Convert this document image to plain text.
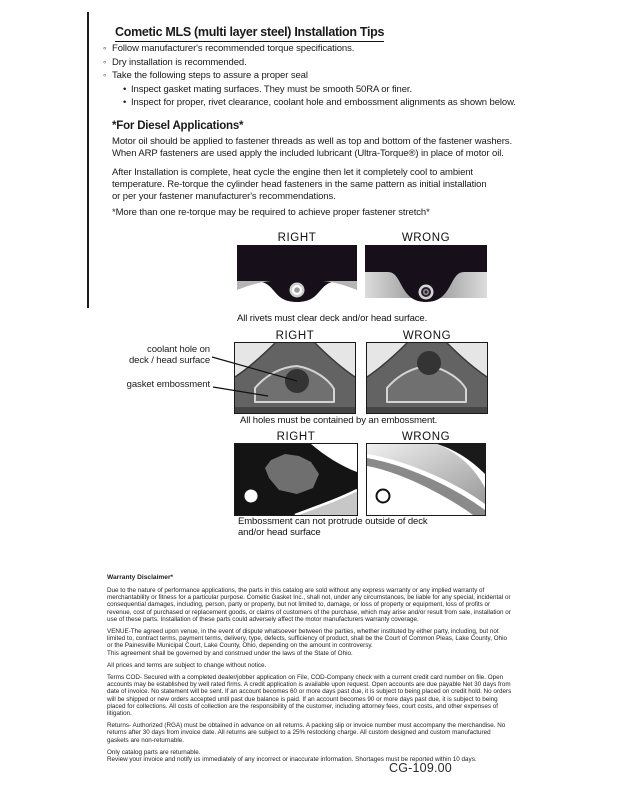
Cometic MLS (multi layer steel) Installation Tips
◦ Follow manufacturer's recommended torque specifications.
◦ Dry installation is recommended.
◦ Take the following steps to assure a proper seal
• Inspect gasket mating surfaces. They must be smooth 50RA or finer.
• Inspect for proper, rivet clearance, coolant hole and embossment alignments as shown below.
*For Diesel Applications*
Motor oil should be applied to fastener threads as well as top and bottom of the fastener washers.
When ARP fasteners are used apply the included lubricant (Ultra-Torque®) in place of motor oil.
After Installation is complete, heat cycle the engine then let it completely cool to ambient
temperature. Re-torque the cylinder head fasteners in the same pattern as initial installation
or per your fastener manufacturer's recommendations.
*More than one re-torque may be required to achieve proper fastener stretch*
RIGHT	WRONG
All rivets must clear deck and/or head surface.
RIGHT	WRONG
coolant hole on
deck / head surface
gasket embossment
All holes must be contained by an embossment.
RIGHT	WRONG
Embossment can not protrude outside of deck
and/or head surface
Warranty Disclaimer*

Due to the nature of performance applications, the parts in this catalog are sold without any express warranty or any implied warranty of merchantability or fitness for a particular purpose. Cometic Gasket Inc., shall not, under any circumstances, be liable for any special, incidental or consequential damages, including, person, party or property, but not limited to, damage, or loss of property or equipment, loss of profits or revenue, cost of purchased or replacement goods, or claims of customers of the purchase, which may arise and/or result from sale, installation or use of these parts. Installation of these parts could adversely affect the motor manufacturers warranty coverage.

VENUE-The agreed upon venue, in the event of dispute whatsoever between the parties, whether instituted by either party, including, but not limited to, contract terms, payment terms, delivery, type, defects, sufficiency of product, shall be the Court of Common Pleas, Lake County, Ohio or the Painesville Municipal Court, Lake County, Ohio, depending on the amount in controversy.

This agreement shall be governed by and construed under the laws of the State of Ohio.

All prices and terms are subject to change without notice.

Terms COD- Secured with a completed dealer/jobber application on File, COD-Company check with a current credit card number on file. Open accounts may be established by well rated firms. A credit application is available upon request. Open accounts are due payable Net 30 days from date of invoice. No statement will be sent. If an account becomes 60 or more days past due, it is subject to being placed on credit hold. No orders will be shipped or new orders accepted until past due balance is paid. If an account becomes 90 or more days past due, it is subject to being placed for collections. All costs of collection are the responsibility of the customer, including attorney fees, court costs, and other expenses of litigation.

Returns- Authorized (RGA) must be obtained in advance on all returns. A packing slip or invoice number must accompany the merchandise. No returns after 30 days from invoice date. All returns are subject to a 25% restocking charge. All custom designed and custom manufactured gaskets are non-returnable.

Only catalog parts are returnable.

Review your invoice and notify us immediately of any incorrect or inaccurate information. Shortages must be reported within 10 days.

CG-109.00
